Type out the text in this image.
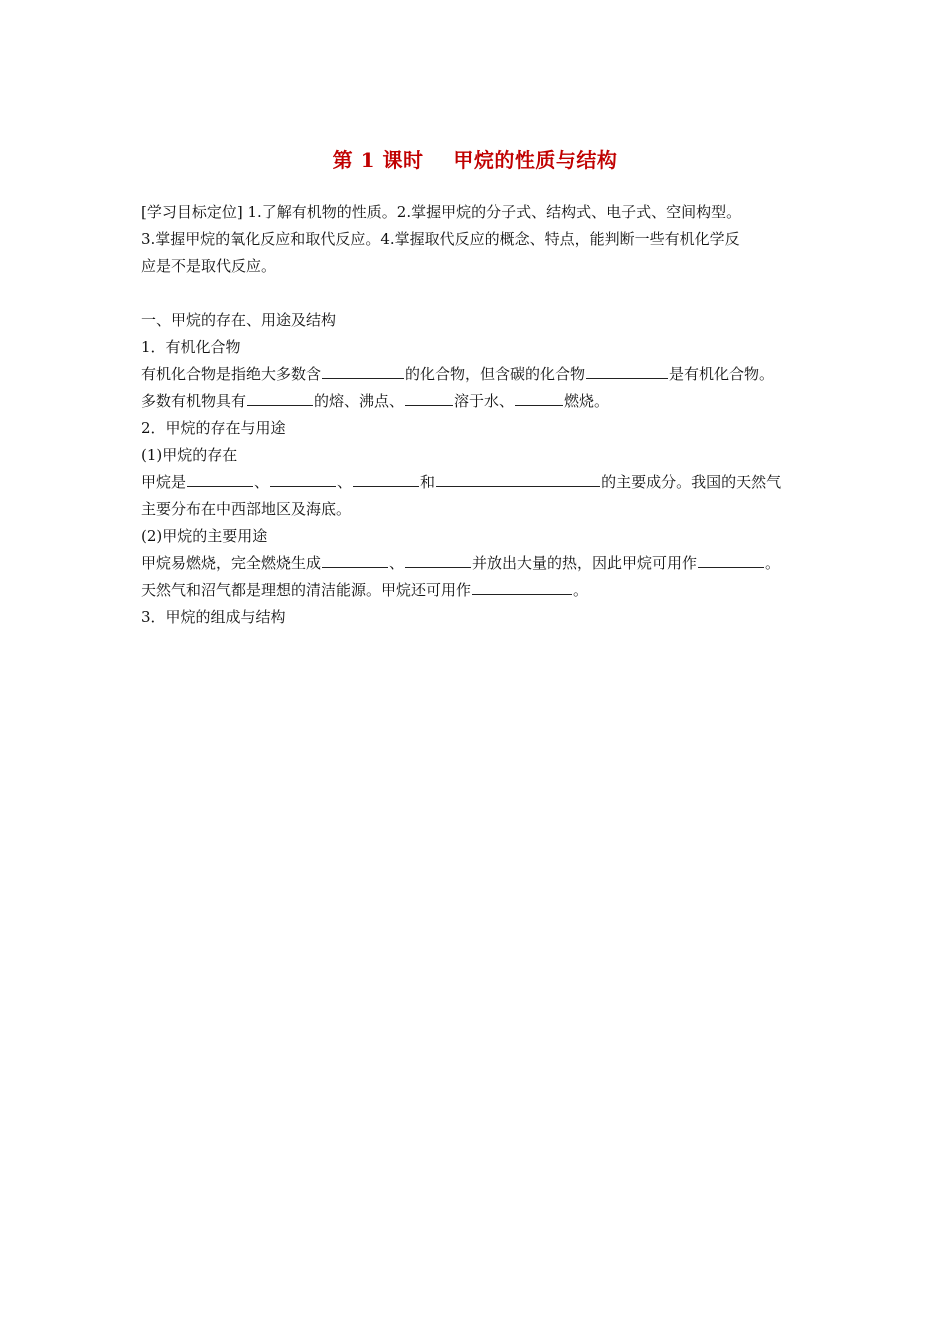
第 1 课时    甲烷的性质与结构
[学习目标定位] 1.了解有机物的性质。2.掌握甲烷的分子式、结构式、电子式、空间构型。
3.掌握甲烷的氧化反应和取代反应。4.掌握取代反应的概念、特点，能判断一些有机化学反
应是不是取代反应。
一、甲烷的存在、用途及结构
1．有机化合物
有机化合物是指绝大多数含	的化合物，但含碳的化合物	是有机化合物。
多数有机物具有	的熔、沸点、	溶于水、	燃烧。
2．甲烷的存在与用途
(1)甲烷的存在
甲烷是	、	、	和	的主要成分。我国的天然气
主要分布在中西部地区及海底。
(2)甲烷的主要用途
甲烷易燃烧，完全燃烧生成	、	并放出大量的热，因此甲烷可用作	。
天然气和沼气都是理想的清洁能源。甲烷还可用作	。
3．甲烷的组成与结构
